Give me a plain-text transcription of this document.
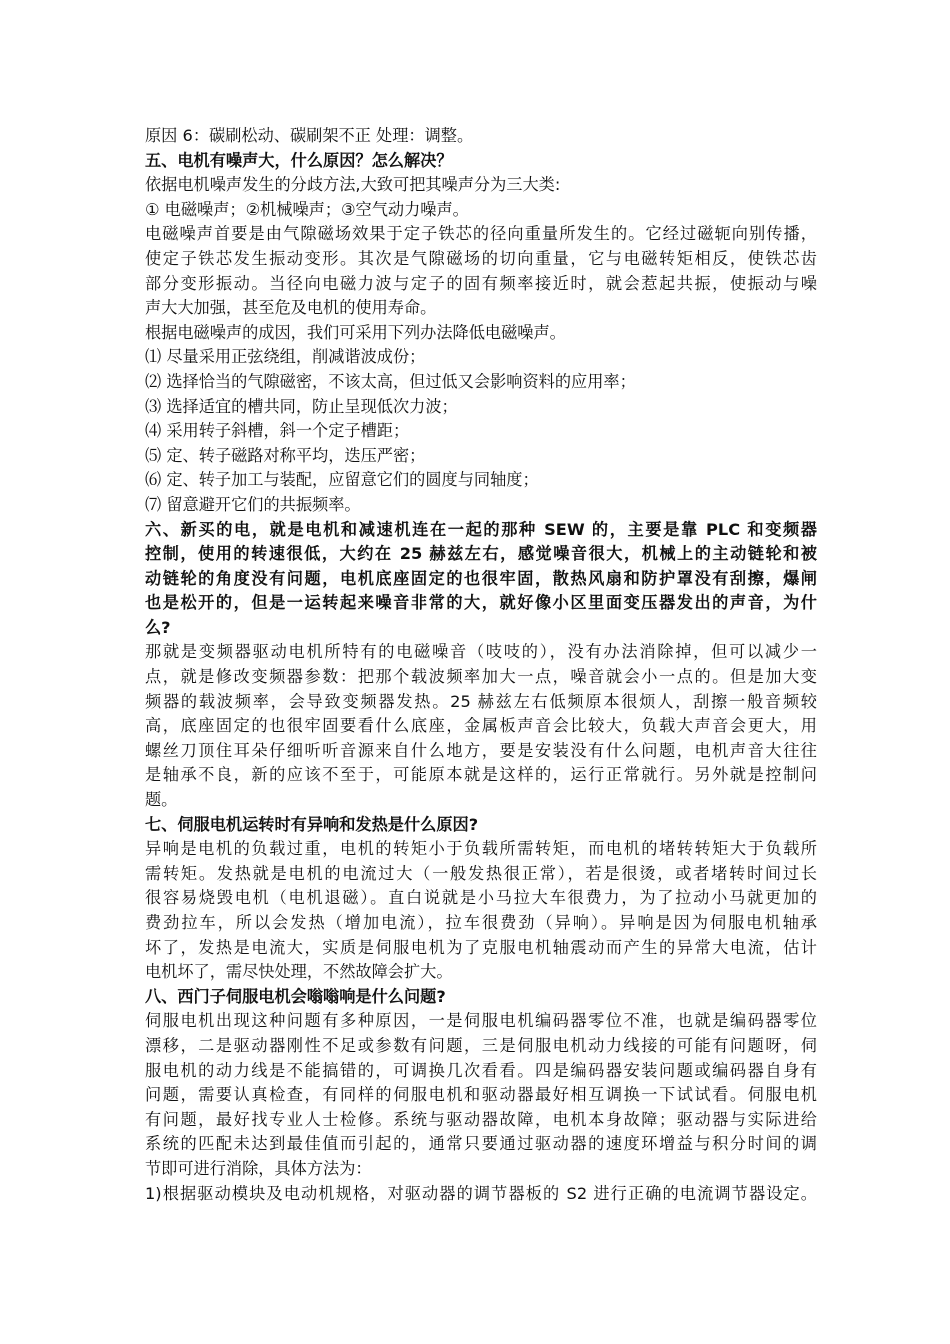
原因 6：碳刷松动、碳刷架不正 处理：调整。
五、电机有噪声大，什么原因？怎么解决？
依据电机噪声发生的分歧方法,大致可把其噪声分为三大类:
① 电磁噪声；②机械噪声；③空气动力噪声。
电磁噪声首要是由气隙磁场效果于定子铁芯的径向重量所发生的。它经过磁轭向别传播，
使定子铁芯发生振动变形。其次是气隙磁场的切向重量，它与电磁转矩相反，使铁芯齿
部分变形振动。当径向电磁力波与定子的固有频率接近时，就会惹起共振，使振动与噪
声大大加强，甚至危及电机的使用寿命。
根据电磁噪声的成因，我们可采用下列办法降低电磁噪声。
⑴ 尽量采用正弦绕组，削减谐波成份；
⑵ 选择恰当的气隙磁密，不该太高，但过低又会影响资料的应用率；
⑶ 选择适宜的槽共同，防止呈现低次力波；
⑷ 采用转子斜槽，斜一个定子槽距；
⑸ 定、转子磁路对称平均，迭压严密；
⑹ 定、转子加工与装配，应留意它们的圆度与同轴度；
⑺ 留意避开它们的共振频率。
六、新买的电，就是电机和减速机连在一起的那种 SEW 的，主要是靠 PLC 和变频器
控制，使用的转速很低，大约在 25 赫兹左右，感觉噪音很大，机械上的主动链轮和被
动链轮的角度没有问题，电机底座固定的也很牢固，散热风扇和防护罩没有刮擦，爆闸
也是松开的，但是一运转起来噪音非常的大，就好像小区里面变压器发出的声音，为什
么?
那就是变频器驱动电机所特有的电磁噪音（吱吱的），没有办法消除掉，但可以减少一
点，就是修改变频器参数：把那个载波频率加大一点，噪音就会小一点的。但是加大变
频器的载波频率，会导致变频器发热。25 赫兹左右低频原本很烦人，刮擦一般音频较
高，底座固定的也很牢固要看什么底座，金属板声音会比较大，负载大声音会更大，用
螺丝刀顶住耳朵仔细听听音源来自什么地方，要是安装没有什么问题，电机声音大往往
是轴承不良，新的应该不至于，可能原本就是这样的，运行正常就行。另外就是控制问
题。
七、伺服电机运转时有异响和发热是什么原因?
异响是电机的负载过重，电机的转矩小于负载所需转矩，而电机的堵转转矩大于负载所
需转矩。发热就是电机的电流过大（一般发热很正常），若是很烫，或者堵转时间过长
很容易烧毁电机（电机退磁）。直白说就是小马拉大车很费力，为了拉动小马就更加的
费劲拉车，所以会发热（增加电流），拉车很费劲（异响）。异响是因为伺服电机轴承
坏了，发热是电流大，实质是伺服电机为了克服电机轴震动而产生的异常大电流，估计
电机坏了，需尽快处理，不然故障会扩大。
八、西门子伺服电机会嗡嗡响是什么问题?
伺服电机出现这种问题有多种原因，一是伺服电机编码器零位不准，也就是编码器零位
漂移，二是驱动器刚性不足或参数有问题，三是伺服电机动力线接的可能有问题呀，伺
服电机的动力线是不能搞错的，可调换几次看看。四是编码器安装问题或编码器自身有
问题，需要认真检查，有同样的伺服电机和驱动器最好相互调换一下试试看。伺服电机
有问题，最好找专业人士检修。系统与驱动器故障，电机本身故障；驱动器与实际进给
系统的匹配未达到最佳值而引起的，通常只要通过驱动器的速度环增益与积分时间的调
节即可进行消除，具体方法为：
1)根据驱动模块及电动机规格，对驱动器的调节器板的 S2 进行正确的电流调节器设定。
